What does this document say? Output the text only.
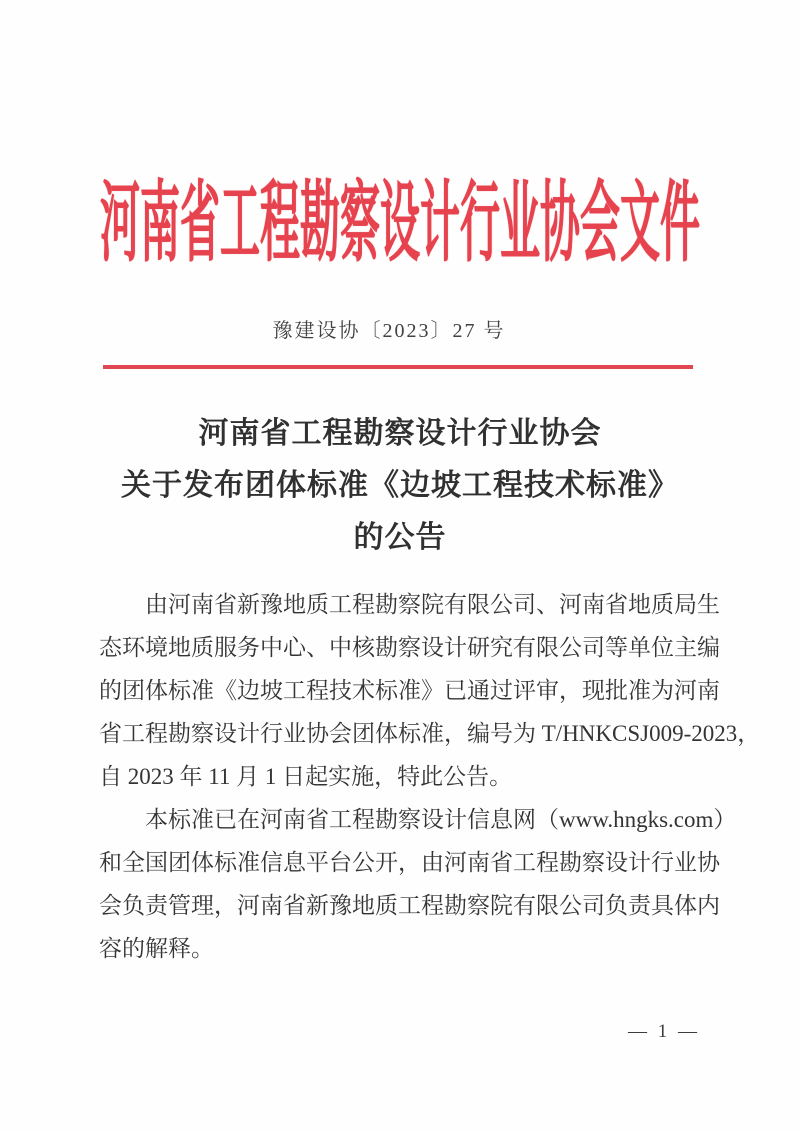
河南省工程勘察设计行业协会文件
豫建设协〔2023〕27 号
河南省工程勘察设计行业协会
关于发布团体标准《边坡工程技术标准》
的公告
由河南省新豫地质工程勘察院有限公司、河南省地质局生
态环境地质服务中心、中核勘察设计研究有限公司等单位主编
的团体标准《边坡工程技术标准》已通过评审，现批准为河南
省工程勘察设计行业协会团体标准，编号为 T/HNKCSJ009-2023，
自 2023 年 11 月 1 日起实施，特此公告。
本标准已在河南省工程勘察设计信息网（www.hngks.com）
和全国团体标准信息平台公开，由河南省工程勘察设计行业协
会负责管理，河南省新豫地质工程勘察院有限公司负责具体内
容的解释。
— 1 —
